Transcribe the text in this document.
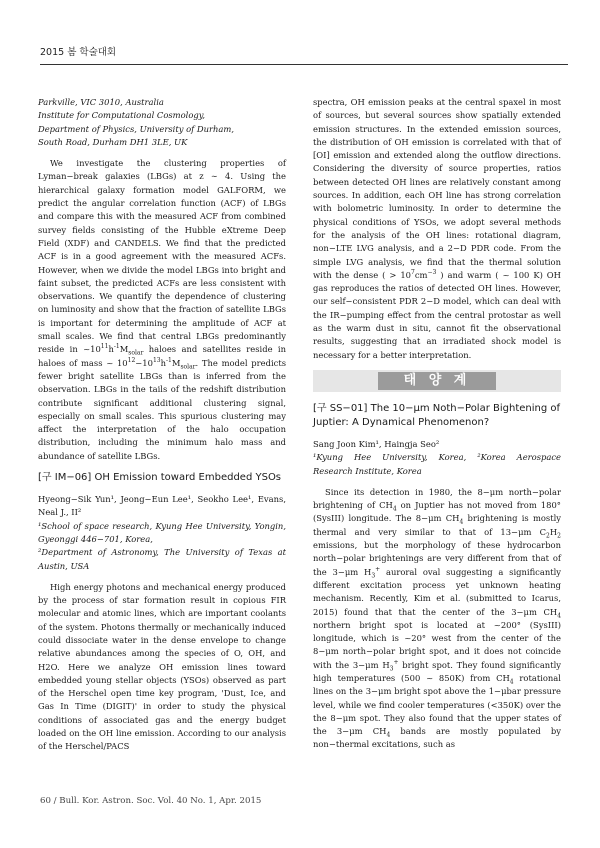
2015 봄 학술대회

Parkville, VIC 3010, Australia

Institute for Computational Cosmology,

Department of Physics, University of Durham,

South Road, Durham DH1 3LE, UK

We investigate the clustering properties of Lyman−break galaxies (LBGs) at z ∼ 4. Using the hierarchical galaxy formation model GALFORM, we predict the angular correlation function (ACF) of LBGs and compare this with the measured ACF from combined survey fields consisting of the Hubble eXtreme Deep Field (XDF) and CANDELS. We find that the predicted ACF is in a good agreement with the measured ACFs. However, when we divide the model LBGs into bright and faint subset, the predicted ACFs are less consistent with observations. We quantify the dependence of clustering on luminosity and show that the fraction of satellite LBGs is important for determining the amplitude of ACF at small scales. We find that central LBGs predominantly reside in $\sim 10^{11}h^{-1}M_{solar}$ haloes and satellites reside in haloes of mass ~ $10^{12}-10^{13}h^{-1}M_{solar}$. The model predicts fewer bright satellite LBGs than is inferred from the observation. LBGs in the tails of the redshift distribution contribute significant additional clustering signal, especially on small scales. This spurious clustering may affect the interpretation of the halo occupation distribution, including the minimum halo mass and abundance of satellite LBGs.

[구 IM−06] OH Emission toward Embedded YSOs

Hyeong−Sik Yun¹, Jeong−Eun Lee¹, Seokho Lee¹, Evans, Neal J., II²

¹School of space research, Kyung Hee University, Yongin, Gyeonggi 446−701, Korea,

²Department of Astronomy, The University of Texas at Austin, USA

High energy photons and mechanical energy produced by the process of star formation result in copious FIR molecular and atomic lines, which are important coolants of the system. Photons thermally or mechanically induced could dissociate water in the dense envelope to change relative abundances among the species of O, OH, and H2O. Here we analyze OH emission lines toward embedded young stellar objects (YSOs) observed as part of the Herschel open time key program, 'Dust, Ice, and Gas In Time (DIGIT)' in order to study the physical conditions of associated gas and the energy budget loaded on the OH line emission. According to our analysis of the Herschel/PACS

spectra, OH emission peaks at the central spaxel in most of sources, but several sources show spatially extended emission structures. In the extended emission sources, the distribution of OH emission is correlated with that of [OI] emission and extended along the outflow directions. Considering the diversity of source properties, ratios between detected OH lines are relatively constant among sources. In addition, each OH line has strong correlation with bolometric luminosity. In order to determine the physical conditions of YSOs, we adopt several methods for the analysis of the OH lines: rotational diagram, non−LTE LVG analysis, and a 2−D PDR code. From the simple LVG analysis, we find that the thermal solution with the dense ( > $10^7cm^{-3}$ ) and warm ( ~ 100 K) OH gas reproduces the ratios of detected OH lines. However, our self−consistent PDR 2−D model, which can deal with the IR−pumping effect from the central protostar as well as the warm dust in situ, cannot fit the observational results, suggesting that an irradiated shock model is necessary for a better interpretation.

태 양 계

[구 SS−01] The 10−μm Noth−Polar Bightening of Juptier: A Dynamical Phenomenon?

Sang Joon Kim¹, Haingja Seo²

¹Kyung Hee University, Korea, ²Korea Aerospace Research Institute, Korea

Since its detection in 1980, the 8−μm north−polar brightening of $CH_4$ on Juptier has not moved from 180° (SysIII) longitude. The 8−μm $CH_4$ brightening is mostly thermal and very similar to that of 13−μm $C_2H_2$ emissions, but the morphology of these hydrocarbon north−polar brightenings are very different from that of the 3−μm $H_3^+$ auroral oval suggesting a significantly different excitation process yet unknown heating mechanism. Recently, Kim et al. (submitted to Icarus, 2015) found that that the center of the 3−μm $CH_4$ northern bright spot is located at ~200° (SysIII) longitude, which is ~20° west from the center of the 8−μm north−polar bright spot, and it does not coincide with the 3−μm $H_3^+$ bright spot. They found significantly high temperatures (500 ~ 850K) from $CH_4$ rotational lines on the 3−μm bright spot above the 1−μbar pressure level, while we find cooler temperatures (<350K) over the the 8−μm spot. They also found that the upper states of the 3−μm $CH_4$ bands are mostly populated by non−thermal excitations, such as

60 / Bull. Kor. Astron. Soc. Vol. 40 No. 1, Apr. 2015
